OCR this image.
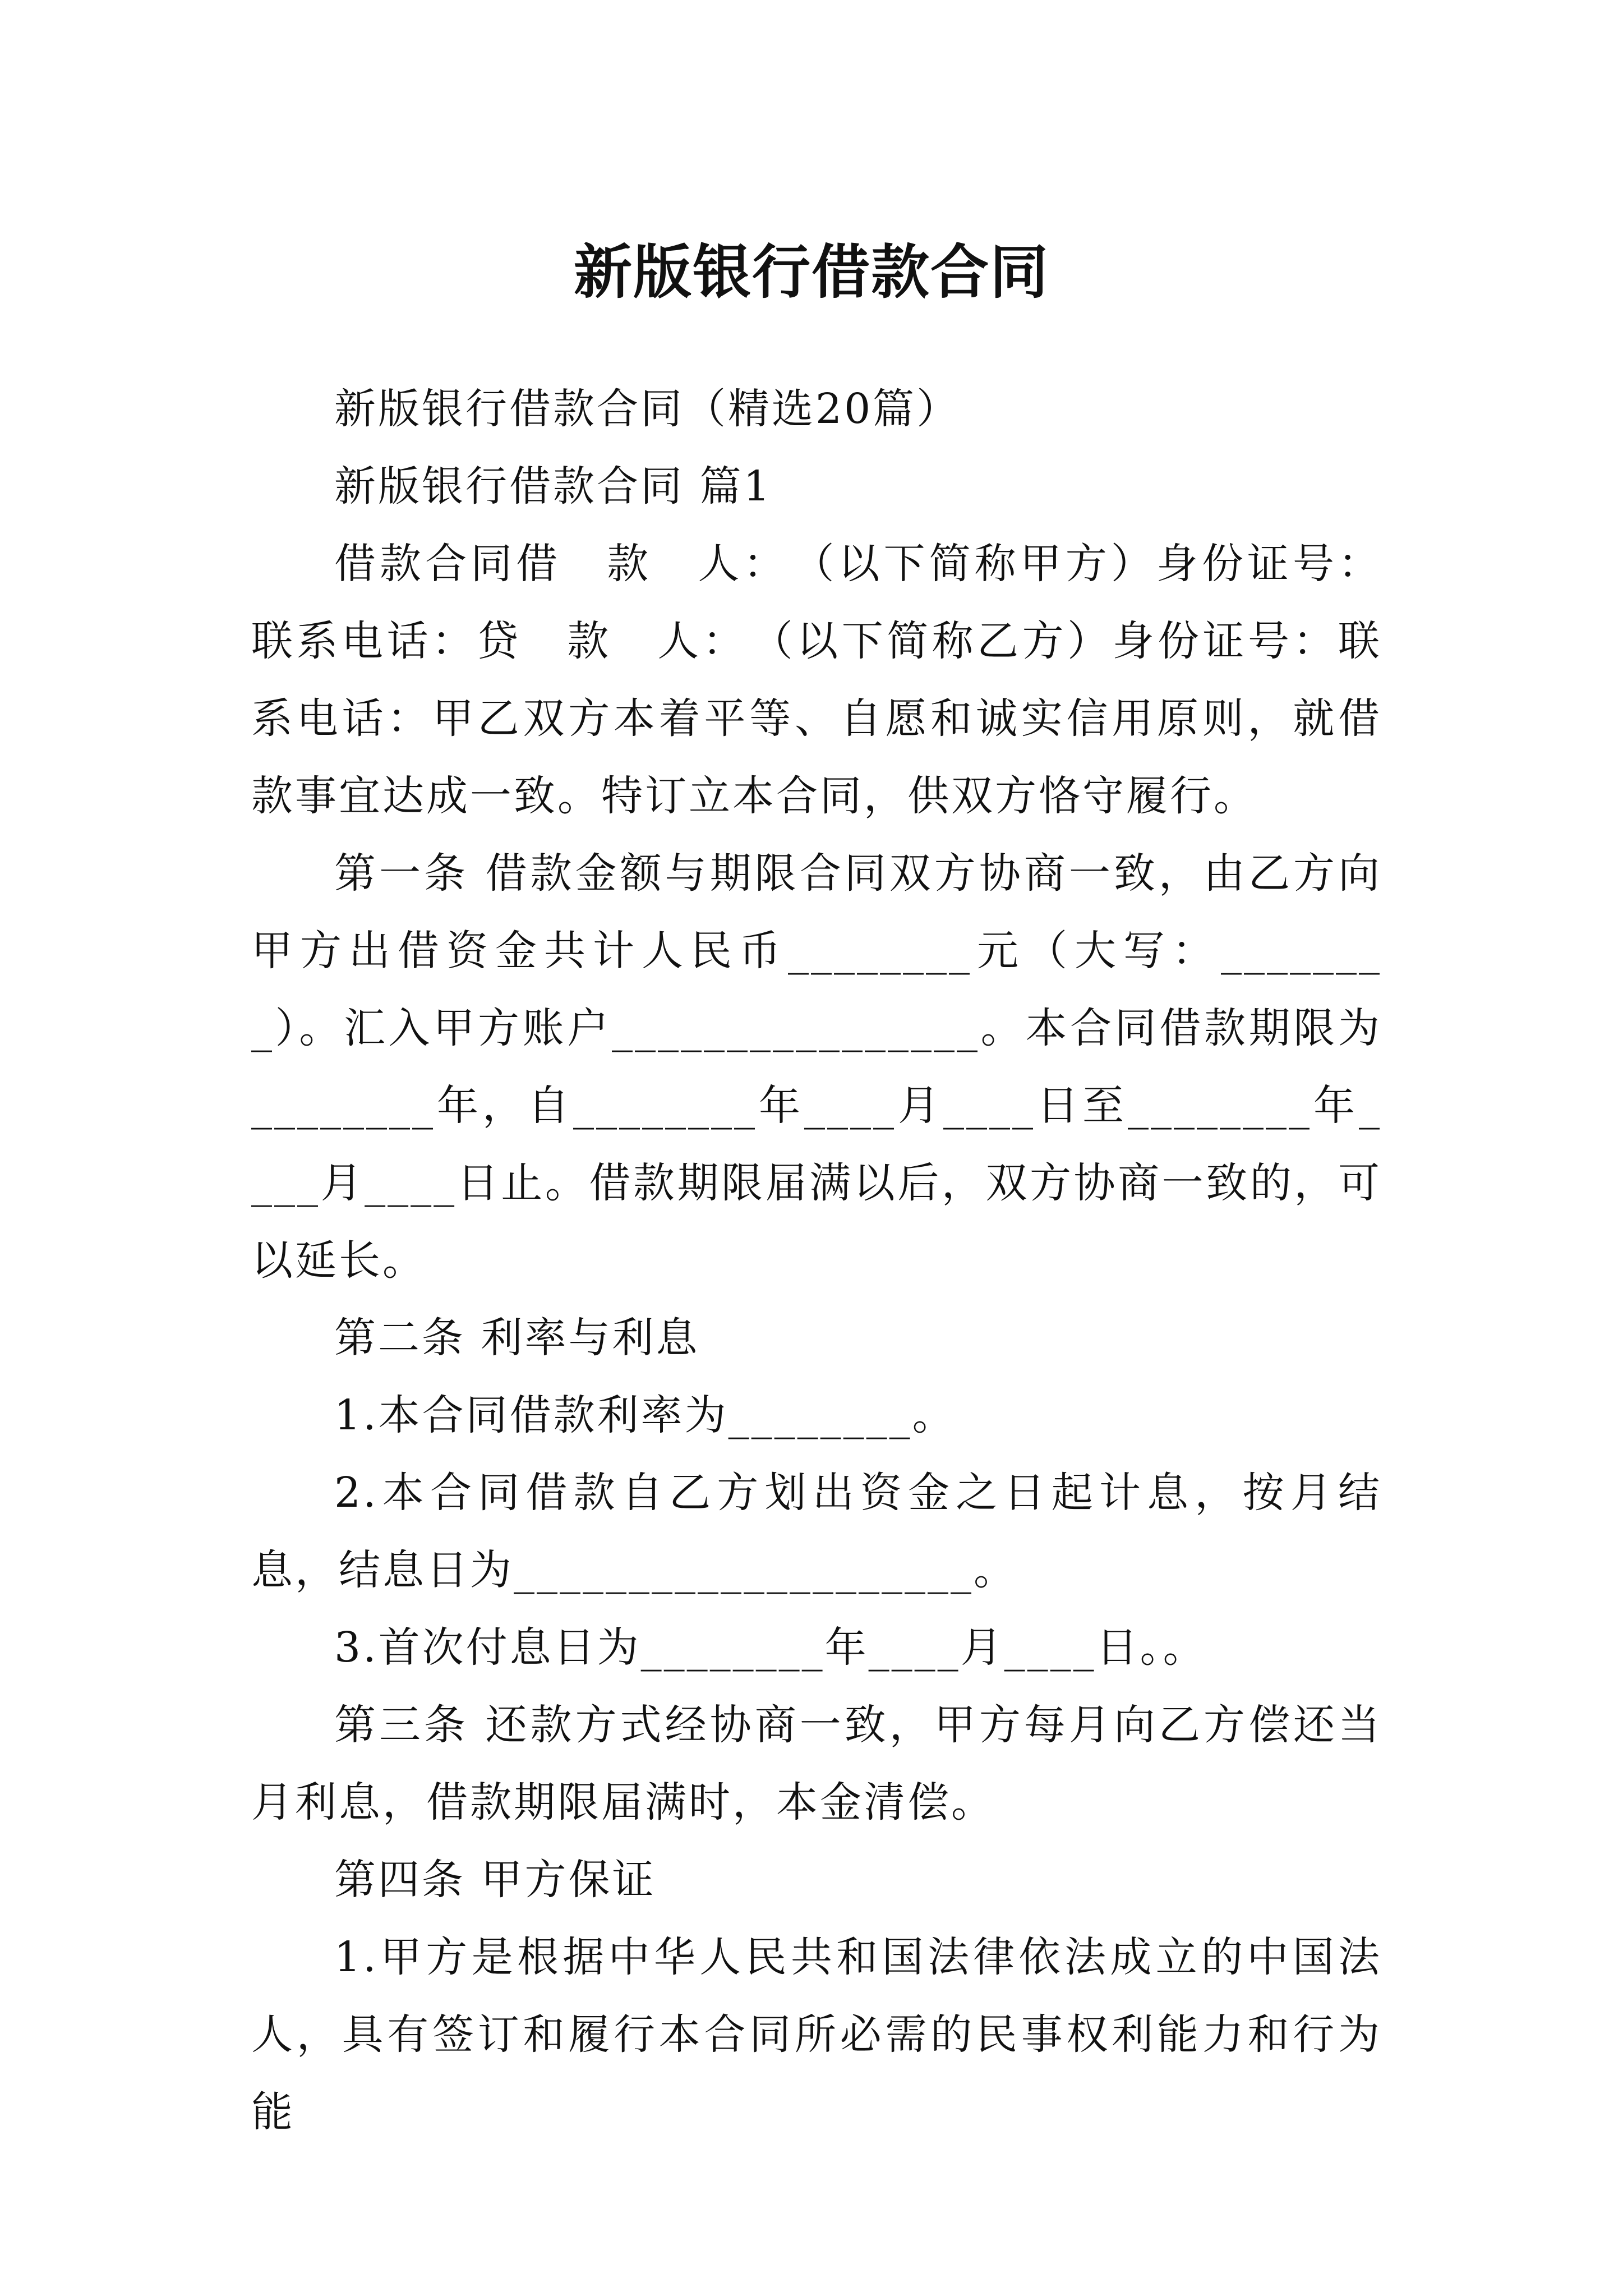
新版银行借款合同

新版银行借款合同（精选20篇）

新版银行借款合同 篇1

借款合同借　款　人：　（以下简称甲方）身份证号：联系电话：贷　款　人：　（以下简称乙方）身份证号：联系电话：甲乙双方本着平等、自愿和诚实信用原则，就借款事宜达成一致。特订立本合同，供双方恪守履行。

第一条 借款金额与期限合同双方协商一致，由乙方向甲方出借资金共计人民币________元（大写：________）。汇入甲方账户________________。本合同借款期限为________年，自________年____月____日至________年____月____日止。借款期限届满以后，双方协商一致的，可以延长。

第二条 利率与利息

1.本合同借款利率为________。

2.本合同借款自乙方划出资金之日起计息，按月结息，结息日为____________________。

3.首次付息日为________年____月____日。。

第三条 还款方式经协商一致，甲方每月向乙方偿还当月利息，借款期限届满时，本金清偿。

第四条 甲方保证

1.甲方是根据中华人民共和国法律依法成立的中国法人，具有签订和履行本合同所必需的民事权利能力和行为能
